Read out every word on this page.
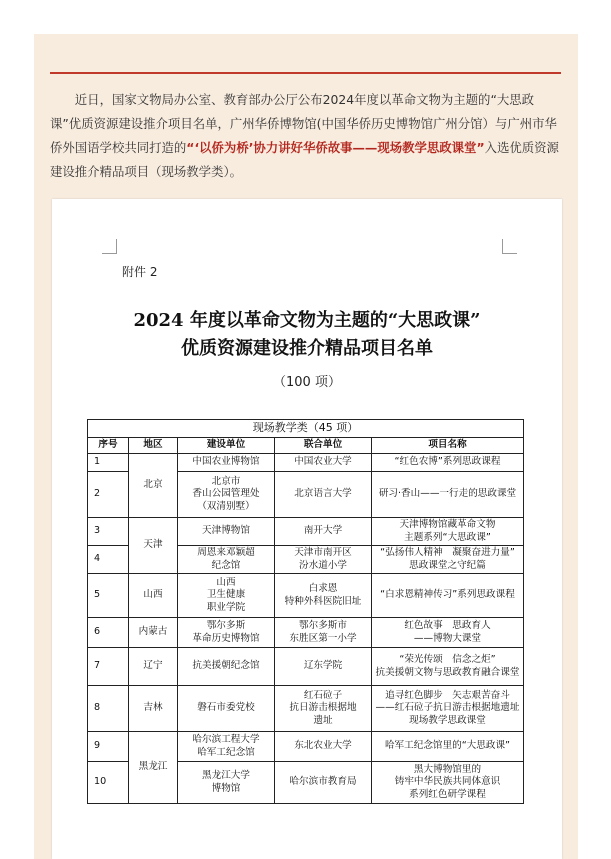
近日，国家文物局办公室、教育部办公厅公布2024年度以革命文物为主题的“大思政课”优质资源建设推介项目名单，广州华侨博物馆(中国华侨历史博物馆广州分馆）与广州市华侨外国语学校共同打造的“‘以侨为桥’协力讲好华侨故事——现场教学思政课堂”入选优质资源建设推介精品项目（现场教学类）。

附件 2
2024 年度以革命文物为主题的“大思政课”
优质资源建设推介精品项目名单
（100 项）
现场教学类（45 项）				
序号	地区	建设单位	联合单位	项目名称
1	北京	中国农业博物馆	中国农业大学	“红色农博”系列思政课程
2		北京市
香山公园管理处
（双清别墅）	北京语言大学	研习·香山——一行走的思政课堂
3	天津	天津博物馆	南开大学	天津博物馆藏革命文物
主题系列“大思政课”
4		周恩来邓颖超
纪念馆	天津市南开区
汾水道小学	“弘扬伟人精神　凝聚奋进力量”
思政课堂之守纪篇
5	山西	山西
卫生健康
职业学院	白求恩
特种外科医院旧址	“白求恩精神传习”系列思政课程
6	内蒙古	鄂尔多斯
革命历史博物馆	鄂尔多斯市
东胜区第一小学	红色故事　思政育人
——博物大课堂
7	辽宁	抗美援朝纪念馆	辽东学院	“荣光传颂　信念之炬”
抗美援朝文物与思政教育融合课堂
8	吉林	磐石市委党校	红石砬子
抗日游击根据地
遗址	追寻红色脚步　矢志艰苦奋斗
——红石砬子抗日游击根据地遗址
现场教学思政课堂
9	黑龙江	哈尔滨工程大学
哈军工纪念馆	东北农业大学	哈军工纪念馆里的“大思政课”
10		黑龙江大学
博物馆	哈尔滨市教育局	黑大博物馆里的
铸牢中华民族共同体意识
系列红色研学课程
